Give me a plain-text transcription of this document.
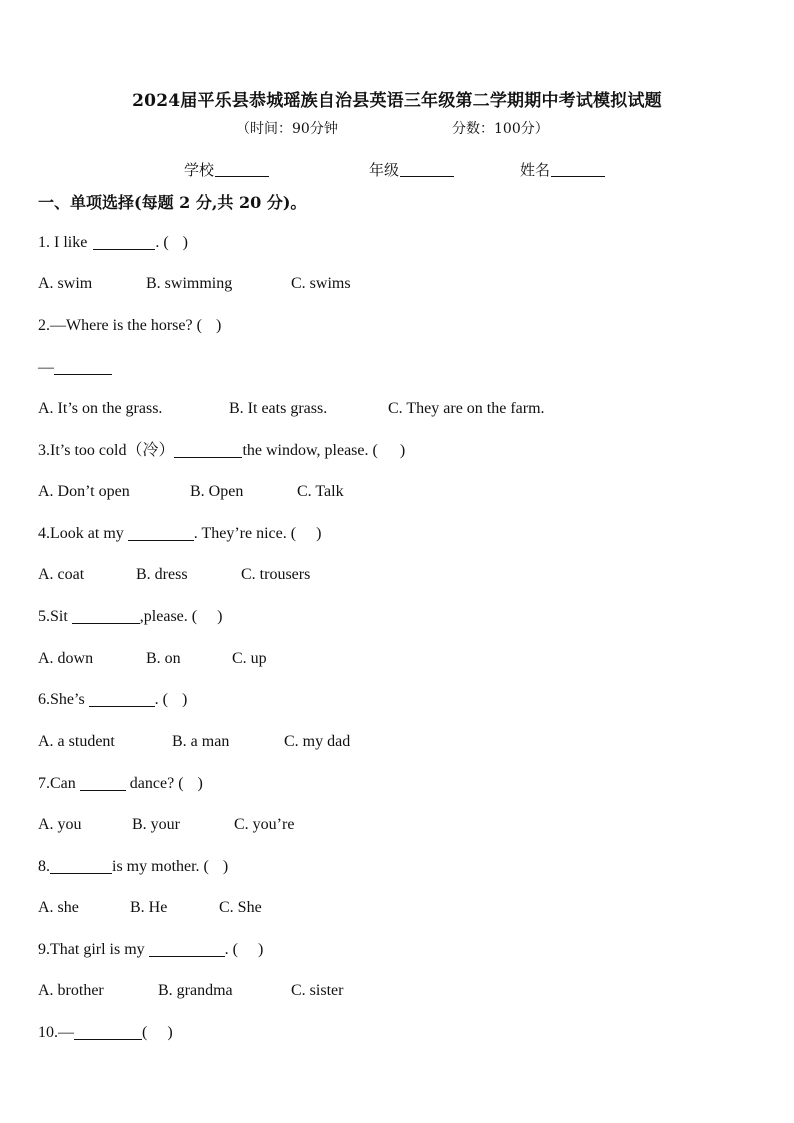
2024届平乐县恭城瑶族自治县英语三年级第二学期期中考试模拟试题
（时间：90分钟	分数：100分）
学校	年级	姓名
一、单项选择(每题 2 分,共 20 分)。
1. I like	. ( )
A. swim	B. swimming	C. swims
2.—Where is the horse? ( )
—
A. It’s on the grass.	B. It eats grass.	C. They are on the farm.
3.It’s too cold（冷）	the window, please. ( )
A. Don’t open	B. Open	C. Talk
4.Look at my	. They’re nice. ( )
A. coat	B. dress	C. trousers
5.Sit	,please. ( )
A. down	B. on	C. up
6.She’s	. ( )
A. a student	B. a man	C. my dad
7.Can	dance? ( )
A. you	B. your	C. you’re
8.	is my mother. ( )
A. she	B. He	C. She
9.That girl is my	. ( )
A. brother	B. grandma	C. sister
10.—	( )
